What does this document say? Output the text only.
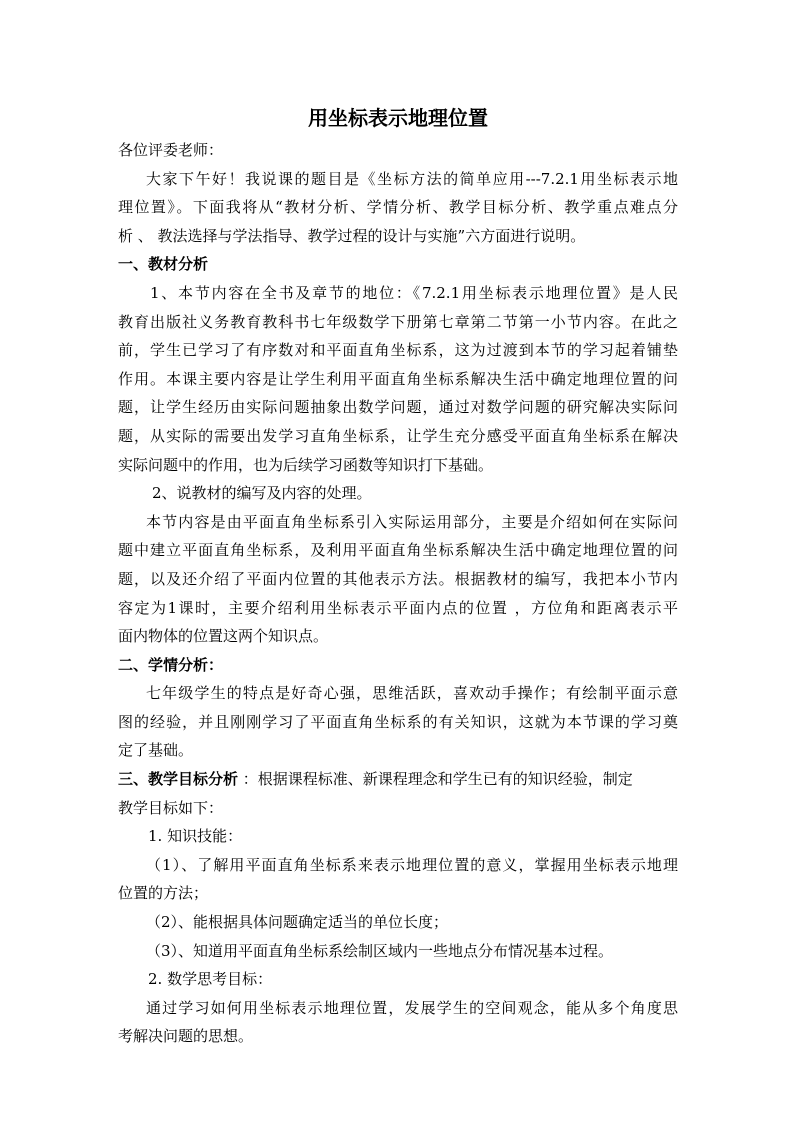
用坐标表示地理位置

各位评委老师：

大家下午好！我说课的题目是《坐标方法的简单应用---7.2.1用坐标表示地

理位置》。下面我将从“教材分析、学情分析、教学目标分析、教学重点难点分

析 、 教法选择与学法指导、教学过程的设计与实施”六方面进行说明。

一、教材分析

1、本节内容在全书及章节的地位：《7.2.1用坐标表示地理位置》是人民

教育出版社义务教育教科书七年级数学下册第七章第二节第一小节内容。在此之

前，学生已学习了有序数对和平面直角坐标系，这为过渡到本节的学习起着铺垫

作用。本课主要内容是让学生利用平面直角坐标系解决生活中确定地理位置的问

题，让学生经历由实际问题抽象出数学问题，通过对数学问题的研究解决实际问

题，从实际的需要出发学习直角坐标系，让学生充分感受平面直角坐标系在解决

实际问题中的作用，也为后续学习函数等知识打下基础。

2、说教材的编写及内容的处理。

本节内容是由平面直角坐标系引入实际运用部分，主要是介绍如何在实际问

题中建立平面直角坐标系，及利用平面直角坐标系解决生活中确定地理位置的问

题，以及还介绍了平面内位置的其他表示方法。根据教材的编写，我把本小节内

容定为1课时，主要介绍利用坐标表示平面内点的位置 ，方位角和距离表示平

面内物体的位置这两个知识点。

二、学情分析：

七年级学生的特点是好奇心强，思维活跃，喜欢动手操作；有绘制平面示意

图的经验，并且刚刚学习了平面直角坐标系的有关知识，这就为本节课的学习奠

定了基础。

三、教学目标分析 ：根据课程标准、新课程理念和学生已有的知识经验，制定

教学目标如下：

1. 知识技能：

（1）、了解用平面直角坐标系来表示地理位置的意义，掌握用坐标表示地理

位置的方法；

（2）、能根据具体问题确定适当的单位长度；

（3）、知道用平面直角坐标系绘制区域内一些地点分布情况基本过程。

2. 数学思考目标：

通过学习如何用坐标表示地理位置，发展学生的空间观念，能从多个角度思

考解决问题的思想。
